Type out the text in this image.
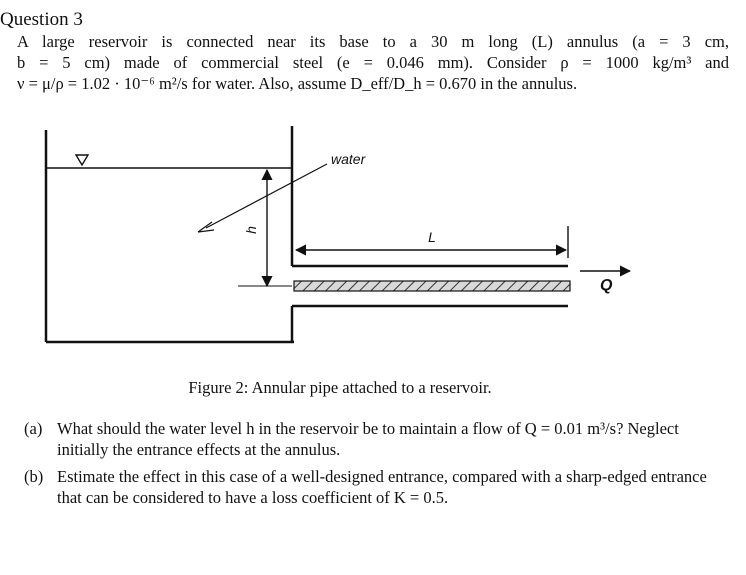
Question 3
A large reservoir is connected near its base to a 30 m long (L) annulus (a = 3 cm,
b = 5 cm) made of commercial steel (e = 0.046 mm). Consider ρ = 1000 kg/m³ and
ν = μ/ρ = 1.02 · 10⁻⁶ m²/s for water. Also, assume D_eff/D_h = 0.670 in the annulus.
water
h	L
Q
Figure 2: Annular pipe attached to a reservoir.
(a) What should the water level h in the reservoir be to maintain a flow of Q = 0.01 m³/s? Neglect initially the entrance effects at the annulus.
(b) Estimate the effect in this case of a well-designed entrance, compared with a sharp-edged entrance that can be considered to have a loss coefficient of K = 0.5.
